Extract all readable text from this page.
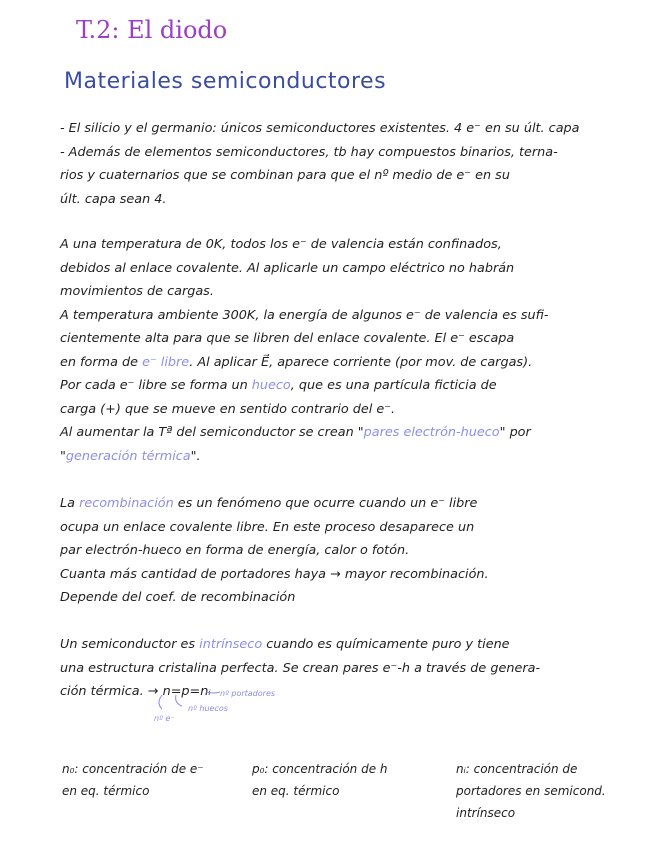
T.2: El diodo
Materiales semiconductores
- El silicio y el germanio: únicos semiconductores existentes. 4 e⁻ en su últ. capa
- Además de elementos semiconductores, tb hay compuestos binarios, terna-
rios y cuaternarios que se combinan para que el nº medio de e⁻ en su
últ. capa sean 4.
A una temperatura de 0K, todos los e⁻ de valencia están confinados,
debidos al enlace covalente. Al aplicarle un campo eléctrico no habrán
movimientos de cargas.
A temperatura ambiente 300K, la energía de algunos e⁻ de valencia es sufi-
cientemente alta para que se libren del enlace covalente. El e⁻ escapa
en forma de e⁻ libre. Al aplicar E⃗, aparece corriente (por mov. de cargas).
Por cada e⁻ libre se forma un hueco, que es una partícula ficticia de
carga (+) que se mueve en sentido contrario del e⁻.
Al aumentar la Tª del semiconductor se crean "pares electrón-hueco" por
"generación térmica".
La recombinación es un fenómeno que ocurre cuando un e⁻ libre
ocupa un enlace covalente libre. En este proceso desaparece un
par electrón-hueco en forma de energía, calor o fotón.
Cuanta más cantidad de portadores haya → mayor recombinación.
Depende del coef. de recombinación
Un semiconductor es intrínseco cuando es químicamente puro y tiene
una estructura cristalina perfecta. Se crean pares e⁻-h a través de genera-
ción térmica. → n=p=nᵢ	nº portadores
nº huecos
nº e⁻
n₀: concentración de e⁻
en eq. térmico
p₀: concentración de h
en eq. térmico
nᵢ: concentración de
portadores en semicond.
intrínseco
